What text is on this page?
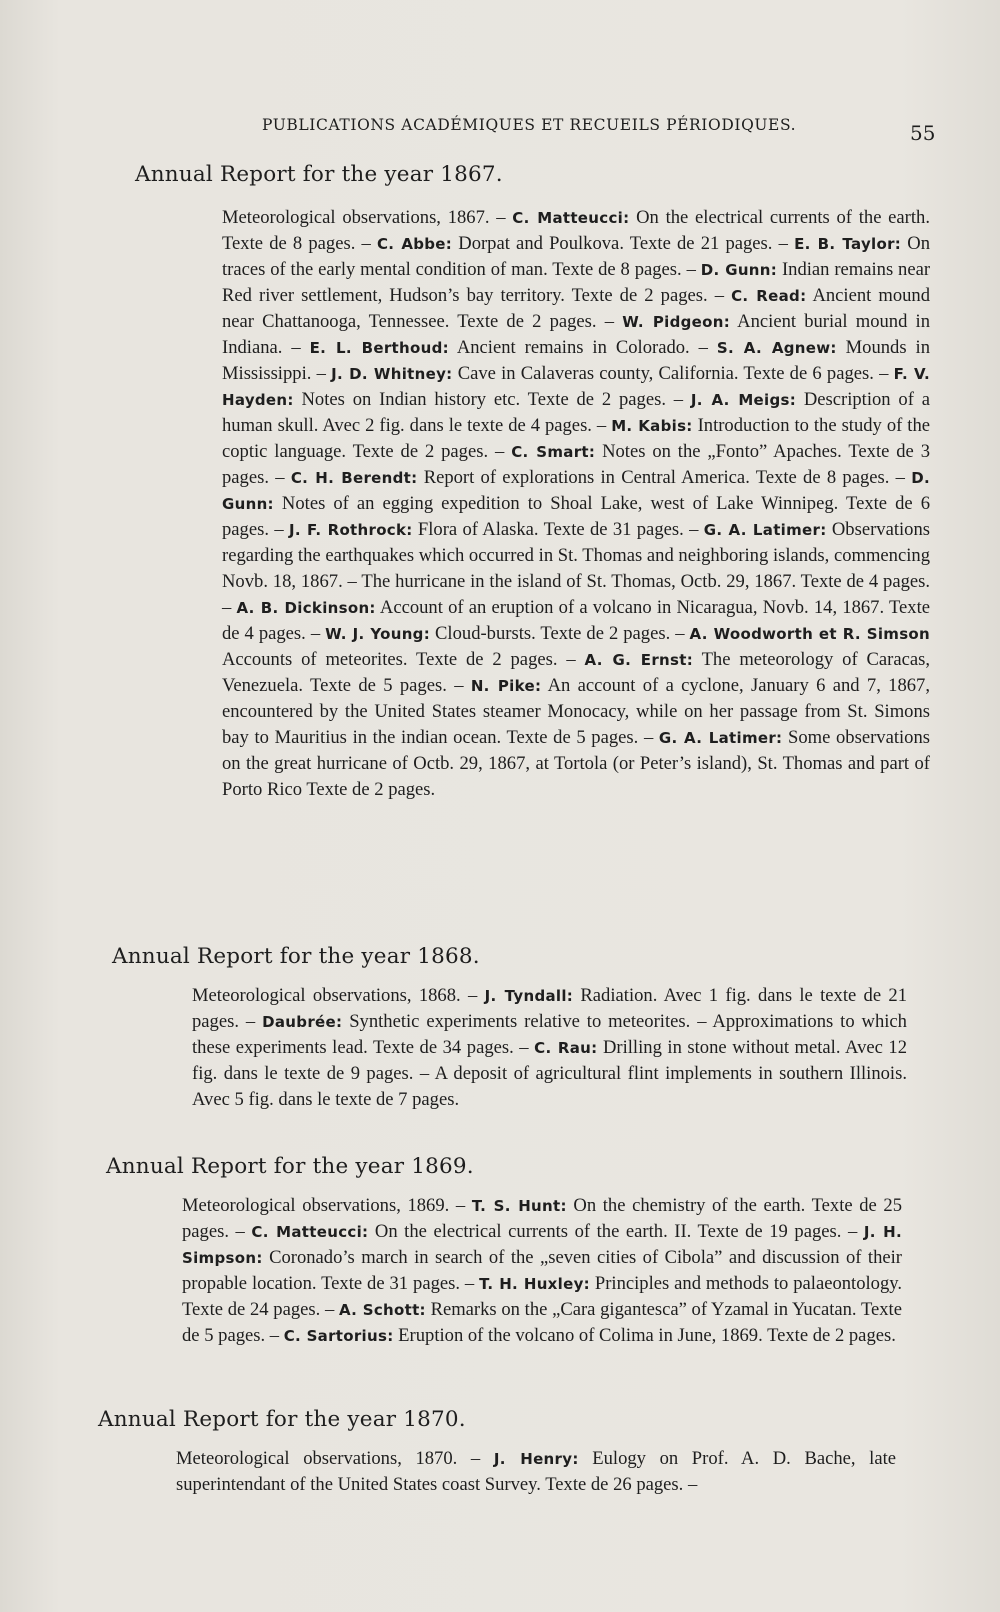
PUBLICATIONS ACADÉMIQUES ET RECUEILS PÉRIODIQUES.	55
Annual Report for the year 1867.
Meteorological observations, 1867. – C. Matteucci: On the electrical currents of the earth. Texte de 8 pages. – C. Abbe: Dorpat and Poulkova. Texte de 21 pages. – E. B. Taylor: On traces of the early mental condition of man. Texte de 8 pages. – D. Gunn: Indian remains near Red river settlement, Hudson’s bay territory. Texte de 2 pages. – C. Read: Ancient mound near Chattanooga, Tennessee. Texte de 2 pages. – W. Pidgeon: Ancient burial mound in Indiana. – E. L. Berthoud: Ancient remains in Colorado. – S. A. Agnew: Mounds in Mississippi. – J. D. Whitney: Cave in Calaveras county, California. Texte de 6 pages. – F. V. Hayden: Notes on Indian history etc. Texte de 2 pages. – J. A. Meigs: Description of a human skull. Avec 2 fig. dans le texte de 4 pages. – M. Kabis: Introduction to the study of the coptic language. Texte de 2 pages. – C. Smart: Notes on the „Fonto” Apaches. Texte de 3 pages. – C. H. Berendt: Report of explorations in Central America. Texte de 8 pages. – D. Gunn: Notes of an egging expedition to Shoal Lake, west of Lake Winnipeg. Texte de 6 pages. – J. F. Rothrock: Flora of Alaska. Texte de 31 pages. – G. A. Latimer: Observations regarding the earthquakes which occurred in St. Thomas and neighboring islands, commencing Novb. 18, 1867. – The hurricane in the island of St. Thomas, Octb. 29, 1867. Texte de 4 pages. – A. B. Dickinson: Account of an eruption of a volcano in Nicaragua, Novb. 14, 1867. Texte de 4 pages. – W. J. Young: Cloud-bursts. Texte de 2 pages. – A. Woodworth et R. Simson Accounts of meteorites. Texte de 2 pages. – A. G. Ernst: The meteorology of Caracas, Venezuela. Texte de 5 pages. – N. Pike: An account of a cyclone, January 6 and 7, 1867, encountered by the United States steamer Monocacy, while on her passage from St. Simons bay to Mauritius in the indian ocean. Texte de 5 pages. – G. A. Latimer: Some observations on the great hurricane of Octb. 29, 1867, at Tortola (or Peter’s island), St. Thomas and part of Porto Rico Texte de 2 pages.
Annual Report for the year 1868.
Meteorological observations, 1868. – J. Tyndall: Radiation. Avec 1 fig. dans le texte de 21 pages. – Daubrée: Synthetic experiments relative to meteorites. – Approximations to which these experiments lead. Texte de 34 pages. – C. Rau: Drilling in stone without metal. Avec 12 fig. dans le texte de 9 pages. – A deposit of agricultural flint implements in southern Illinois. Avec 5 fig. dans le texte de 7 pages.
Annual Report for the year 1869.
Meteorological observations, 1869. – T. S. Hunt: On the chemistry of the earth. Texte de 25 pages. – C. Matteucci: On the electrical currents of the earth. II. Texte de 19 pages. – J. H. Simpson: Coronado’s march in search of the „seven cities of Cibola” and discussion of their propable location. Texte de 31 pages. – T. H. Huxley: Principles and methods to palaeontology. Texte de 24 pages. – A. Schott: Remarks on the „Cara gigantesca” of Yzamal in Yucatan. Texte de 5 pages. – C. Sartorius: Eruption of the volcano of Colima in June, 1869. Texte de 2 pages.
Annual Report for the year 1870.
Meteorological observations, 1870. – J. Henry: Eulogy on Prof. A. D. Bache, late superintendant of the United States coast Survey. Texte de 26 pages. –
